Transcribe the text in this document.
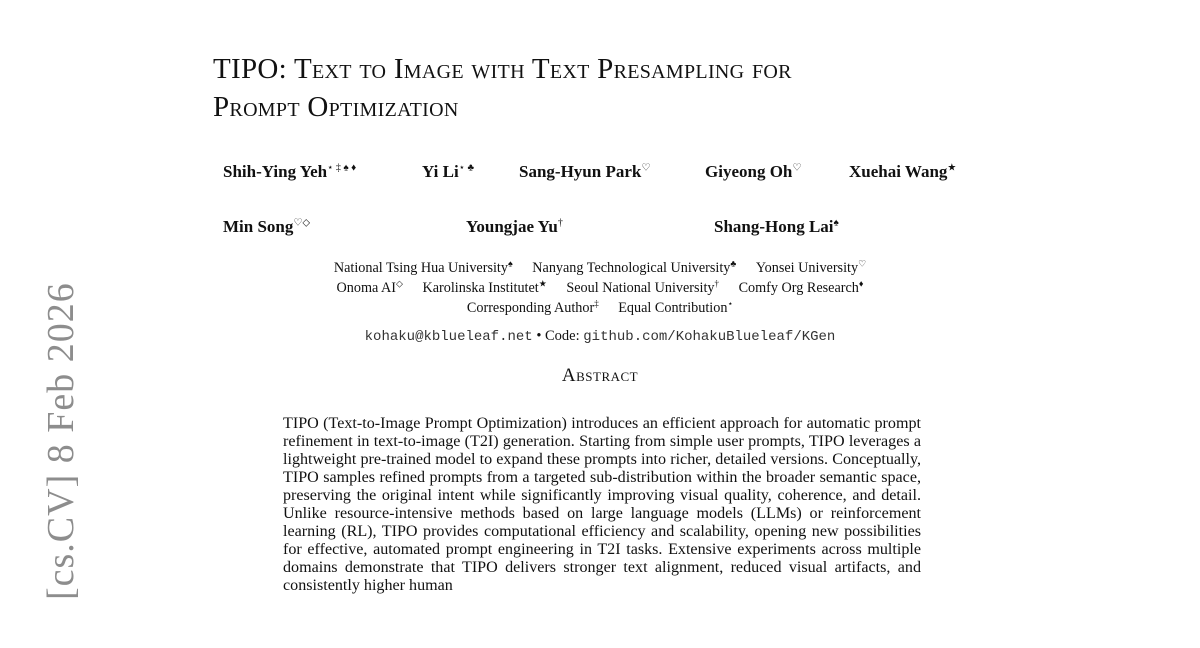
TIPO: Text to Image with Text Presampling for
Prompt Optimization
Shih-Ying Yeh⋆ ‡ ♠ ♦	Yi Li⋆ ♣	Sang-Hyun Park♡	Giyeong Oh♡	Xuehai Wang★
Min Song♡◇	Youngjae Yu†	Shang-Hong Lai♠
National Tsing Hua University♠ Nanyang Technological University♣ Yonsei University♡
Onoma AI◇ Karolinska Institutet★ Seoul National University† Comfy Org Research♦
Corresponding Author‡ Equal Contribution⋆
kohaku@kblueleaf.net • Code: github.com/KohakuBlueleaf/KGen
Abstract

TIPO (Text-to-Image Prompt Optimization) introduces an efficient approach for automatic prompt refinement in text-to-image (T2I) generation. Starting from simple user prompts, TIPO leverages a lightweight pre-trained model to expand these prompts into richer, detailed versions. Conceptually, TIPO samples refined prompts from a targeted sub-distribution within the broader semantic space, preserving the original intent while significantly improving visual quality, coherence, and detail. Unlike resource-intensive methods based on large language models (LLMs) or reinforcement learning (RL), TIPO provides computational efficiency and scalability, opening new possibilities for effective, automated prompt engineering in T2I tasks. Extensive experiments across multiple domains demonstrate that TIPO delivers stronger text alignment, reduced visual artifacts, and consistently higher human

[cs.CV] 8 Feb 2026
